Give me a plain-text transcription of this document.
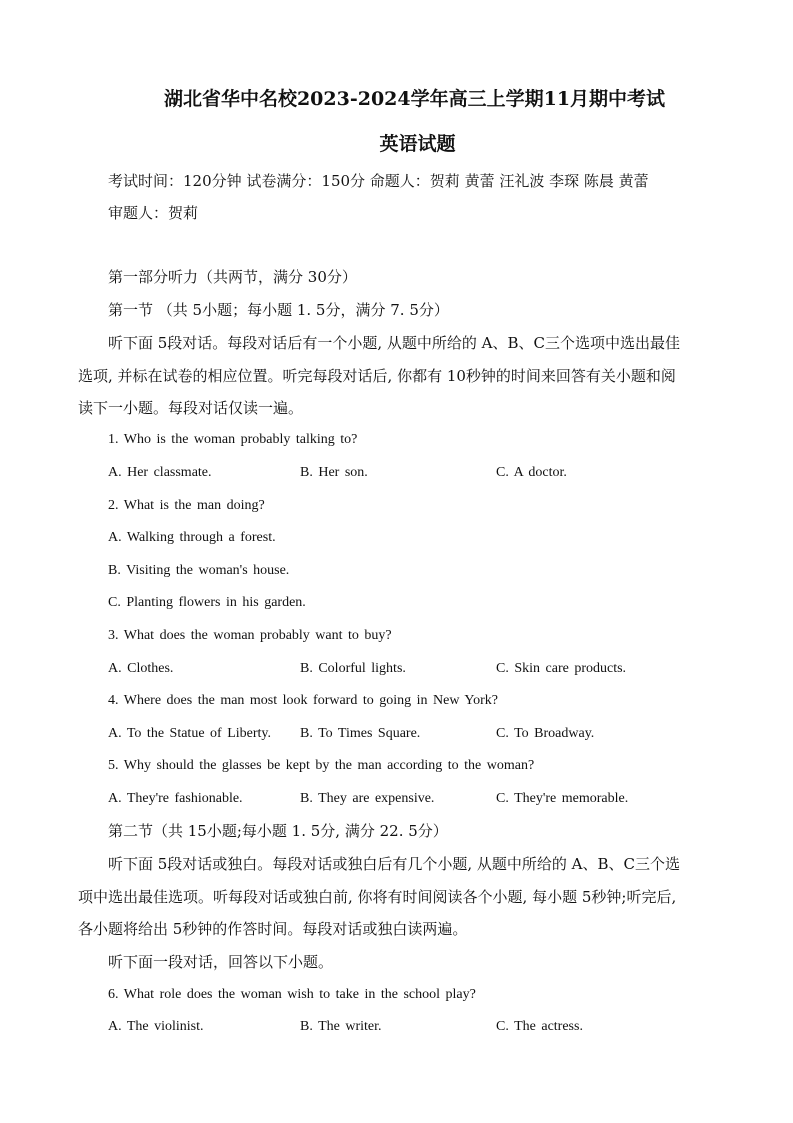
湖北省华中名校2023-2024学年高三上学期11月期中考试
英语试题
考试时间：120分钟 试卷满分：150分 命题人：贺莉 黄蕾 汪礼波 李琛 陈晨 黄蕾
审题人：贺莉
第一部分听力（共两节，满分 30分）
第一节 （共 5小题；每小题 1. 5分，满分 7. 5分）
听下面 5段对话。每段对话后有一个小题, 从题中所给的 A、B、C三个选项中选出最佳
选项, 并标在试卷的相应位置。听完每段对话后, 你都有 10秒钟的时间来回答有关小题和阅
读下一小题。每段对话仅读一遍。
1. Who is the woman probably talking to?
A. Her classmate.	B. Her son.	C. A doctor.
2. What is the man doing?
A. Walking through a forest.
B. Visiting the woman's house.
C. Planting flowers in his garden.
3. What does the woman probably want to buy?
A. Clothes.	B. Colorful lights.	C. Skin care products.
4. Where does the man most look forward to going in New York?
A. To the Statue of Liberty. B. To Times Square.	C. To Broadway.
5. Why should the glasses be kept by the man according to the woman?
A. They're fashionable.	B. They are expensive.	C. They're memorable.
第二节（共 15小题;每小题 1. 5分, 满分 22. 5分）
听下面 5段对话或独白。每段对话或独白后有几个小题, 从题中所给的 A、B、C三个选
项中选出最佳选项。听每段对话或独白前, 你将有时间阅读各个小题, 每小题 5秒钟;听完后,
各小题将给出 5秒钟的作答时间。每段对话或独白读两遍。
听下面一段对话，回答以下小题。
6. What role does the woman wish to take in the school play?
A. The violinist.	B. The writer.	C. The actress.
